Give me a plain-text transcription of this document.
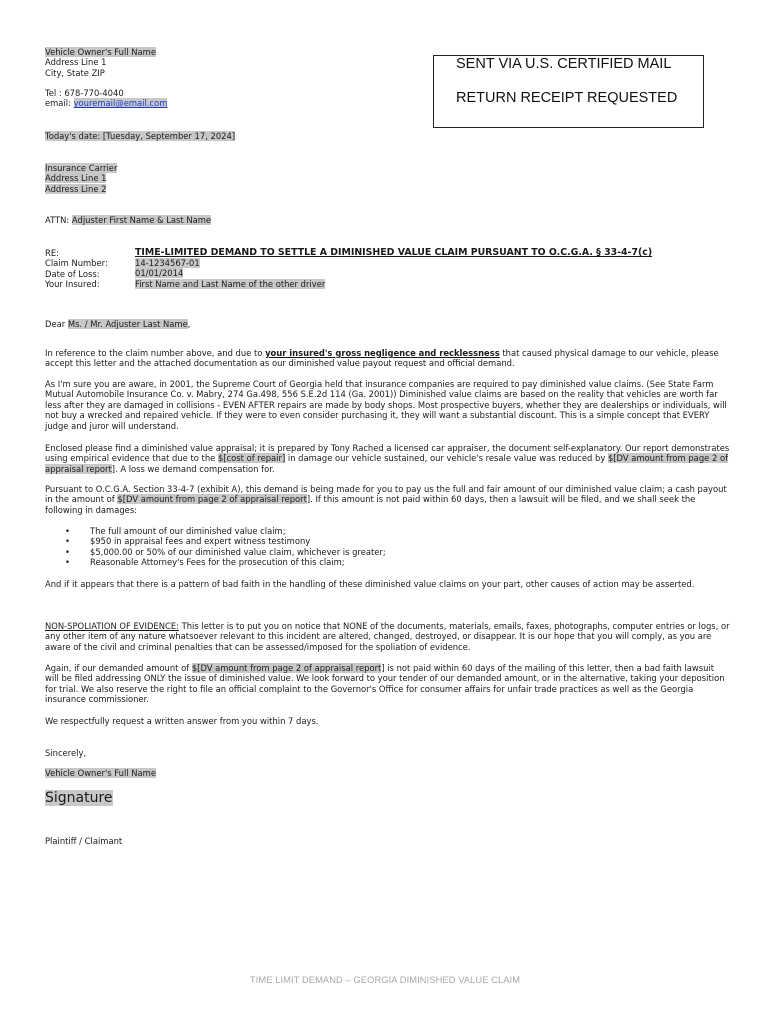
Vehicle Owner's Full Name

Address Line 1

City, State ZIP

Tel : 678-770-4040

email: youremail@email.com

SENT VIA U.S. CERTIFIED MAIL
RETURN RECEIPT REQUESTED
Today's date: [Tuesday, September 17, 2024]

Insurance Carrier

Address Line 1

Address Line 2

ATTN: Adjuster First Name & Last Name

RE:

Claim Number:

Date of Loss:

Your Insured:

TIME-LIMITED DEMAND TO SETTLE A DIMINISHED VALUE CLAIM PURSUANT TO O.C.G.A. § 33-4-7(c)

14-1234567-01

01/01/2014

First Name and Last Name of the other driver

Dear Ms. / Mr. Adjuster Last Name,
In reference to the claim number above, and due to your insured's gross negligence and recklessness that caused physical damage to our vehicle, please accept this letter and the attached documentation as our diminished value payout request and official demand.
As I'm sure you are aware, in 2001, the Supreme Court of Georgia held that insurance companies are required to pay diminished value claims. (See State Farm Mutual Automobile Insurance Co. v. Mabry, 274 Ga.498, 556 S.E.2d 114 (Ga. 2001)) Diminished value claims are based on the reality that vehicles are worth far less after they are damaged in collisions - EVEN AFTER repairs are made by body shops. Most prospective buyers, whether they are dealerships or individuals, will not buy a wrecked and repaired vehicle. If they were to even consider purchasing it, they will want a substantial discount. This is a simple concept that EVERY judge and juror will understand.
Enclosed please find a diminished value appraisal; it is prepared by Tony Rached a licensed car appraiser, the document self-explanatory. Our report demonstrates using empirical evidence that due to the $[cost of repair] in damage our vehicle sustained, our vehicle's resale value was reduced by $[DV amount from page 2 of appraisal report]. A loss we demand compensation for.
Pursuant to O.C.G.A. Section 33-4-7 (exhibit A), this demand is being made for you to pay us the full and fair amount of our diminished value claim; a cash payout in the amount of $[DV amount from page 2 of appraisal report]. If this amount is not paid within 60 days, then a lawsuit will be filed, and we shall seek the following in damages:
• The full amount of our diminished value claim;
• $950 in appraisal fees and expert witness testimony
• $5,000.00 or 50% of our diminished value claim, whichever is greater;
• Reasonable Attorney's Fees for the prosecution of this claim;
And if it appears that there is a pattern of bad faith in the handling of these diminished value claims on your part, other causes of action may be asserted.
NON-SPOLIATION OF EVIDENCE: This letter is to put you on notice that NONE of the documents, materials, emails, faxes, photographs, computer entries or logs, or any other item of any nature whatsoever relevant to this incident are altered, changed, destroyed, or disappear. It is our hope that you will comply, as you are aware of the civil and criminal penalties that can be assessed/imposed for the spoliation of evidence.
Again, if our demanded amount of $[DV amount from page 2 of appraisal report] is not paid within 60 days of the mailing of this letter, then a bad faith lawsuit will be filed addressing ONLY the issue of diminished value. We look forward to your tender of our demanded amount, or in the alternative, taking your deposition for trial. We also reserve the right to file an official complaint to the Governor's Office for consumer affairs for unfair trade practices as well as the Georgia insurance commissioner.
We respectfully request a written answer from you within 7 days.
Sincerely,
Vehicle Owner's Full Name
Signature
Plaintiff / Claimant
TIME LIMIT DEMAND – GEORGIA DIMINISHED VALUE CLAIM
